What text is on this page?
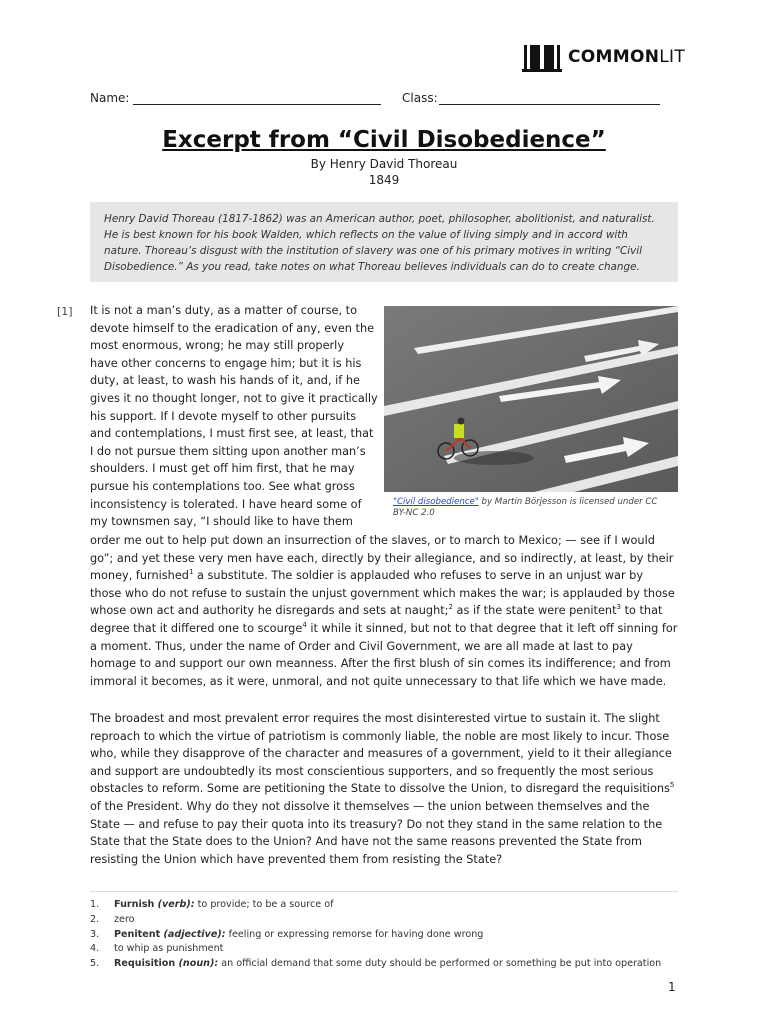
COMMONLIT
Name:	Class:
Excerpt from “Civil Disobedience”
By Henry David Thoreau
1849
Henry David Thoreau (1817-1862) was an American author, poet, philosopher, abolitionist, and naturalist. He is best known for his book Walden, which reflects on the value of living simply and in accord with nature. Thoreau’s disgust with the institution of slavery was one of his primary motives in writing “Civil Disobedience.” As you read, take notes on what Thoreau believes individuals can do to create change.
[1]
"Civil disobedience" by Martin Börjesson is licensed under CC BY-NC 2.0
It is not a man’s duty, as a matter of course, to
devote himself to the eradication of any, even the
most enormous, wrong; he may still properly
have other concerns to engage him; but it is his
duty, at least, to wash his hands of it, and, if he
gives it no thought longer, not to give it practically
his support. If I devote myself to other pursuits
and contemplations, I must first see, at least, that
I do not pursue them sitting upon another man’s
shoulders. I must get off him first, that he may
pursue his contemplations too. See what gross
inconsistency is tolerated. I have heard some of
my townsmen say, “I should like to have them
order me out to help put down an insurrection of the slaves, or to march to Mexico; — see if I would
go”; and yet these very men have each, directly by their allegiance, and so indirectly, at least, by their
money, furnished$^1$ a substitute. The soldier is applauded who refuses to serve in an unjust war by
those who do not refuse to sustain the unjust government which makes the war; is applauded by those
whose own act and authority he disregards and sets at naught;$^2$ as if the state were penitent$^3$ to that
degree that it differed one to scourge$^4$ it while it sinned, but not to that degree that it left off sinning for
a moment. Thus, under the name of Order and Civil Government, we are all made at last to pay
homage to and support our own meanness. After the first blush of sin comes its indifference; and from
immoral it becomes, as it were, unmoral, and not quite unnecessary to that life which we have made.
The broadest and most prevalent error requires the most disinterested virtue to sustain it. The slight
reproach to which the virtue of patriotism is commonly liable, the noble are most likely to incur. Those
who, while they disapprove of the character and measures of a government, yield to it their allegiance
and support are undoubtedly its most conscientious supporters, and so frequently the most serious
obstacles to reform. Some are petitioning the State to dissolve the Union, to disregard the requisitions$^5$
of the President. Why do they not dissolve it themselves — the union between themselves and the
State — and refuse to pay their quota into its treasury? Do not they stand in the same relation to the
State that the State does to the Union? And have not the same reasons prevented the State from
resisting the Union which have prevented them from resisting the State?
1. Furnish (verb): to provide; to be a source of
2. zero
3. Penitent (adjective): feeling or expressing remorse for having done wrong
4. to whip as punishment
5. Requisition (noun): an official demand that some duty should be performed or something be put into operation
1
